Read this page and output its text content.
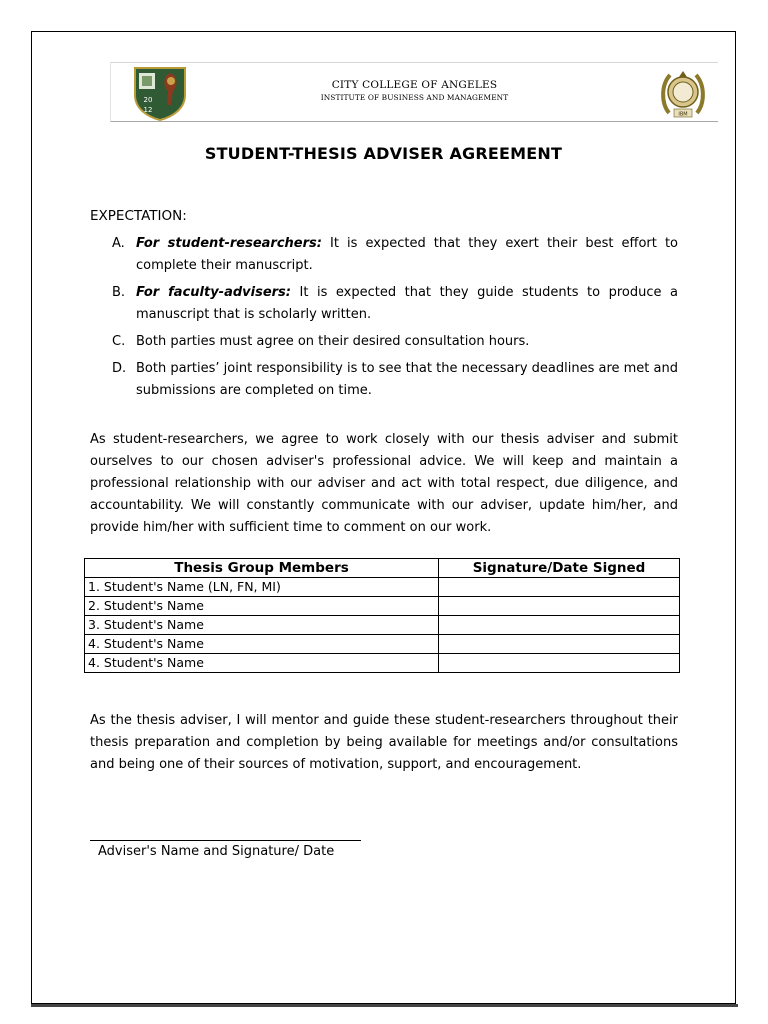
20
12
CITY COLLEGE OF ANGELES
INSTITUTE OF BUSINESS AND MANAGEMENT
IBM
STUDENT-THESIS ADVISER AGREEMENT
EXPECTATION:
A. For student-researchers: It is expected that they exert their best effort to complete their manuscript.
B. For faculty-advisers: It is expected that they guide students to produce a manuscript that is scholarly written.
C. Both parties must agree on their desired consultation hours.
D. Both parties’ joint responsibility is to see that the necessary deadlines are met and submissions are completed on time.
As student-researchers, we agree to work closely with our thesis adviser and submit ourselves to our chosen adviser's professional advice. We will keep and maintain a professional relationship with our adviser and act with total respect, due diligence, and accountability. We will constantly communicate with our adviser, update him/her, and provide him/her with sufficient time to comment on our work.
Thesis Group Members	Signature/Date Signed
1. Student's Name (LN, FN, MI)	
2. Student's Name	
3. Student's Name	
4. Student's Name	
4. Student's Name	
As the thesis adviser, I will mentor and guide these student-researchers throughout their thesis preparation and completion by being available for meetings and/or consultations and being one of their sources of motivation, support, and encouragement.
Adviser's Name and Signature/ Date
